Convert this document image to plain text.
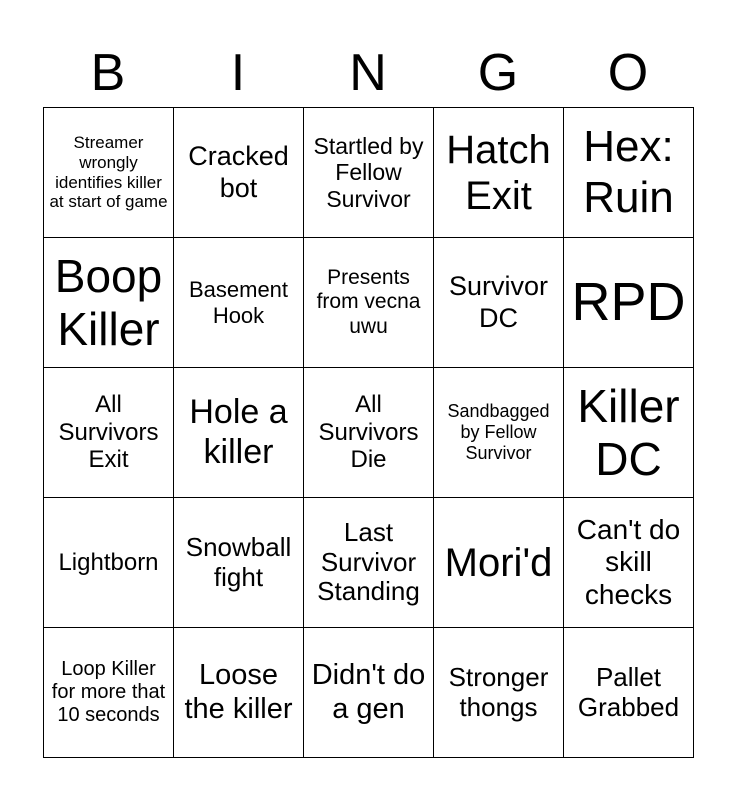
B	I	N	G	O
Streamer wrongly identifies killer at start of game	Cracked bot	Startled by Fellow Survivor	Hatch Exit	Hex: Ruin
Boop Killer	Basement Hook	Presents from vecna uwu	Survivor DC	RPD
All Survivors Exit	Hole a killer	All Survivors Die	Sandbagged by Fellow Survivor	Killer DC
Lightborn	Snowball fight	Last Survivor Standing	Mori'd	Can't do skill checks
Loop Killer for more that 10 seconds	Loose the killer	Didn't do a gen	Stronger thongs	Pallet Grabbed
